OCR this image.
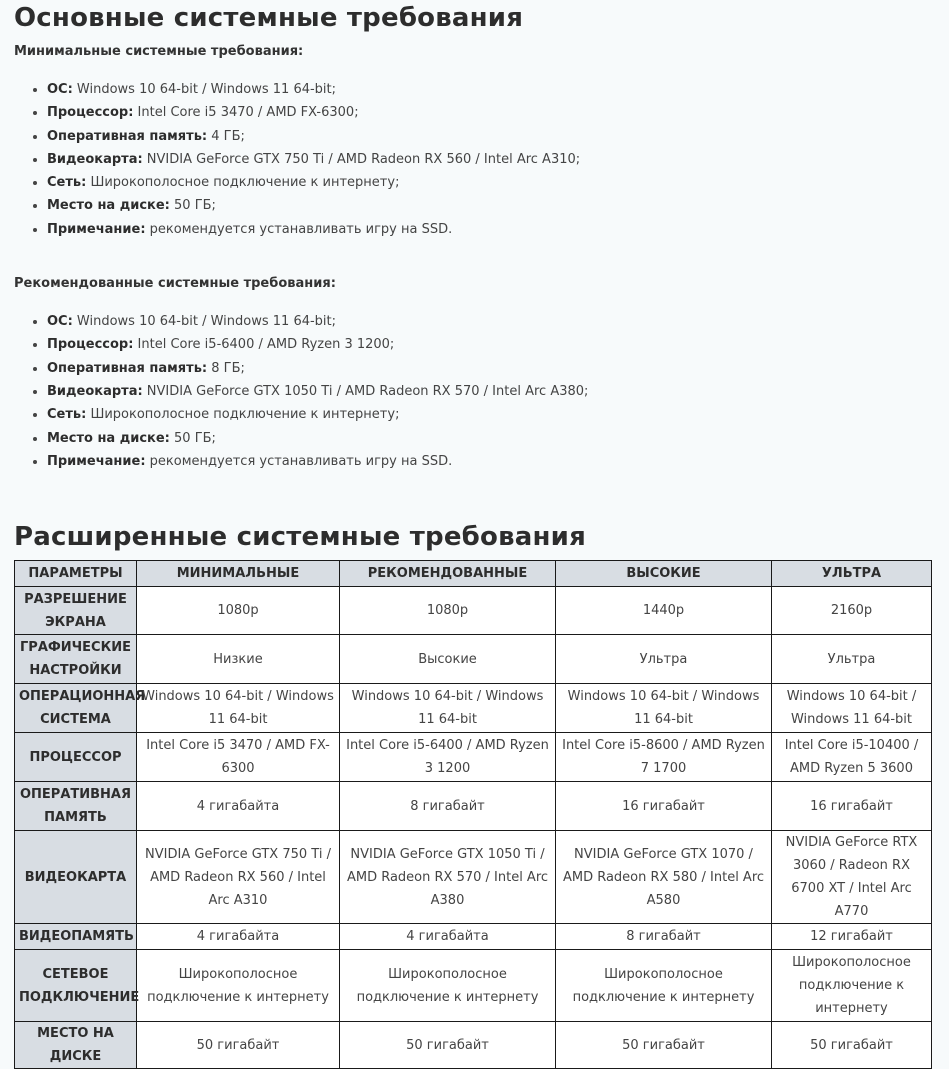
Основные системные требования

Минимальные системные требования:

• ОС: Windows 10 64-bit / Windows 11 64-bit;
• Процессор: Intel Core i5 3470 / AMD FX-6300;
• Оперативная память: 4 ГБ;
• Видеокарта: NVIDIA GeForce GTX 750 Ti / AMD Radeon RX 560 / Intel Arc A310;
• Сеть: Широкополосное подключение к интернету;
• Место на диске: 50 ГБ;
• Примечание: рекомендуется устанавливать игру на SSD.

Рекомендованные системные требования:

• ОС: Windows 10 64-bit / Windows 11 64-bit;
• Процессор: Intel Core i5-6400 / AMD Ryzen 3 1200;
• Оперативная память: 8 ГБ;
• Видеокарта: NVIDIA GeForce GTX 1050 Ti / AMD Radeon RX 570 / Intel Arc A380;
• Сеть: Широкополосное подключение к интернету;
• Место на диске: 50 ГБ;
• Примечание: рекомендуется устанавливать игру на SSD.
Расширенные системные требования
ПАРАМЕТРЫ	МИНИМАЛЬНЫЕ	РЕКОМЕНДОВАННЫЕ	ВЫСОКИЕ	УЛЬТРА
РАЗРЕШЕНИЕ ЭКРАНА	1080p	1080p	1440p	2160p
ГРАФИЧЕСКИЕ НАСТРОЙКИ	Низкие	Высокие	Ультра	Ультра
ОПЕРАЦИОННАЯ СИСТЕМА	Windows 10 64-bit / Windows 11 64-bit	Windows 10 64-bit / Windows 11 64-bit	Windows 10 64-bit / Windows 11 64-bit	Windows 10 64-bit / Windows 11 64-bit
ПРОЦЕССОР	Intel Core i5 3470 / AMD FX-6300	Intel Core i5-6400 / AMD Ryzen 3 1200	Intel Core i5-8600 / AMD Ryzen 7 1700	Intel Core i5-10400 / AMD Ryzen 5 3600
ОПЕРАТИВНАЯ ПАМЯТЬ	4 гигабайта	8 гигабайт	16 гигабайт	16 гигабайт
ВИДЕОКАРТА	NVIDIA GeForce GTX 750 Ti / AMD Radeon RX 560 / Intel Arc A310	NVIDIA GeForce GTX 1050 Ti / AMD Radeon RX 570 / Intel Arc A380	NVIDIA GeForce GTX 1070 / AMD Radeon RX 580 / Intel Arc A580	NVIDIA GeForce RTX 3060 / Radeon RX 6700 XT / Intel Arc A770
ВИДЕОПАМЯТЬ	4 гигабайта	4 гигабайта	8 гигабайт	12 гигабайт
СЕТЕВОЕ ПОДКЛЮЧЕНИЕ	Широкополосное подключение к интернету	Широкополосное подключение к интернету	Широкополосное подключение к интернету	Широкополосное подключение к интернету
МЕСТО НА ДИСКЕ	50 гигабайт	50 гигабайт	50 гигабайт	50 гигабайт
